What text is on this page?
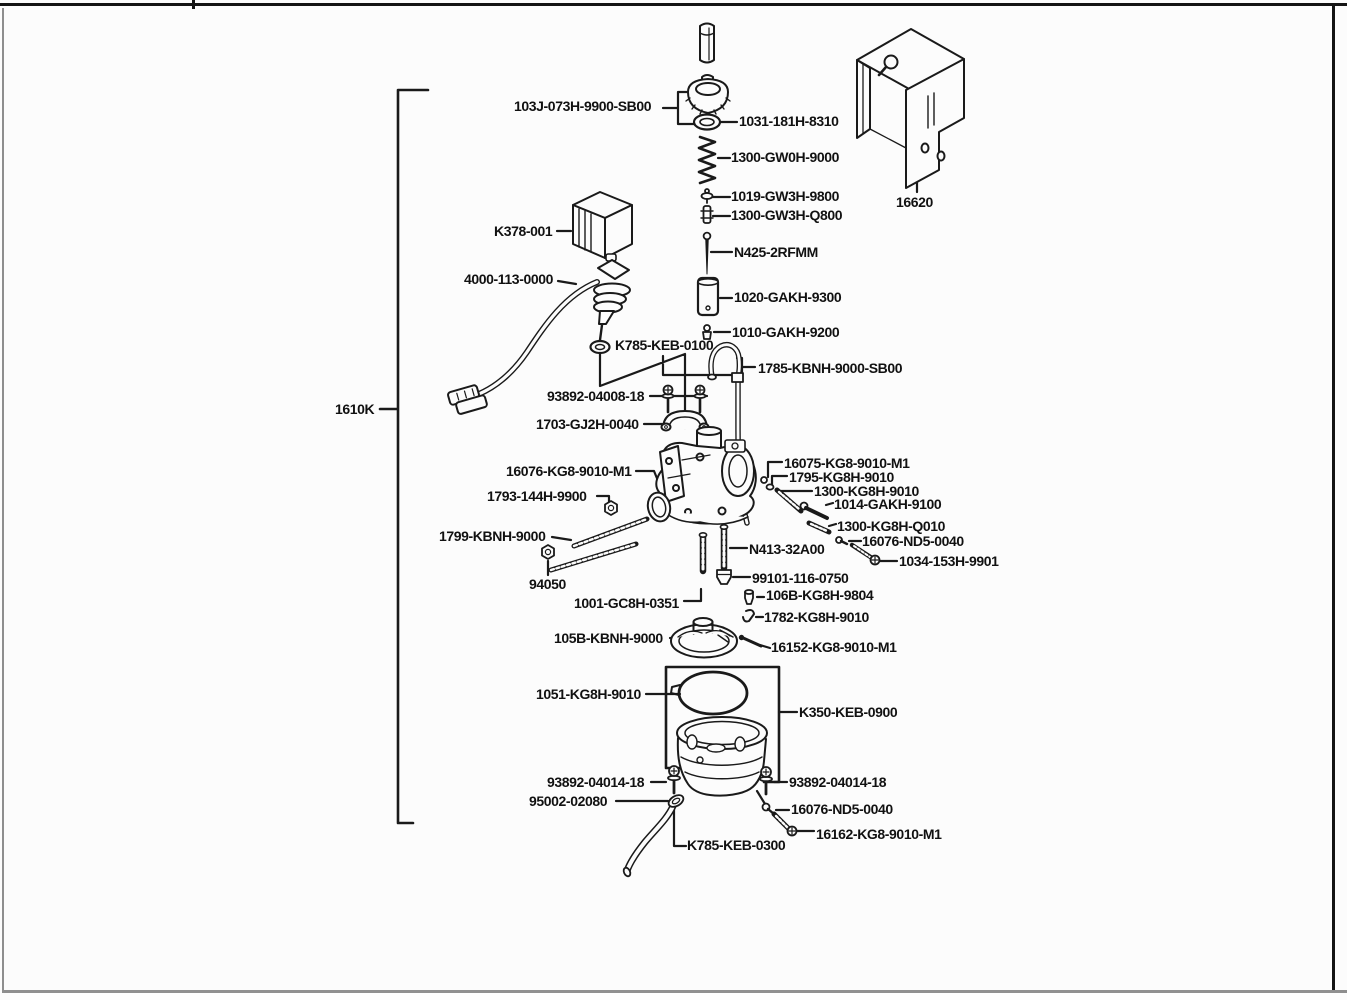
103J-073H-9900-SB00
1031-181H-8310
1300-GW0H-9000
1019-GW3H-9800
1300-GW3H-Q800
N425-2RFMM
1020-GAKH-9300
1010-GAKH-9200
K785-KEB-0100
1785-KBNH-9000-SB00
93892-04008-18
1703-GJ2H-0040
K378-001
4000-113-0000
1610K
16620
16076-KG8-9010-M1
1793-144H-9900
1799-KBNH-9000
94050
1001-GC8H-0351
16075-KG8-9010-M1
1795-KG8H-9010
1300-KG8H-9010
1014-GAKH-9100
1300-KG8H-Q010
16076-ND5-0040
1034-153H-9901
N413-32A00
99101-116-0750
106B-KG8H-9804
1782-KG8H-9010
105B-KBNH-9000
16152-KG8-9010-M1
1051-KG8H-9010
K350-KEB-0900
93892-04014-18	93892-04014-18
95002-02080	16076-ND5-0040
16162-KG8-9010-M1
K785-KEB-0300
